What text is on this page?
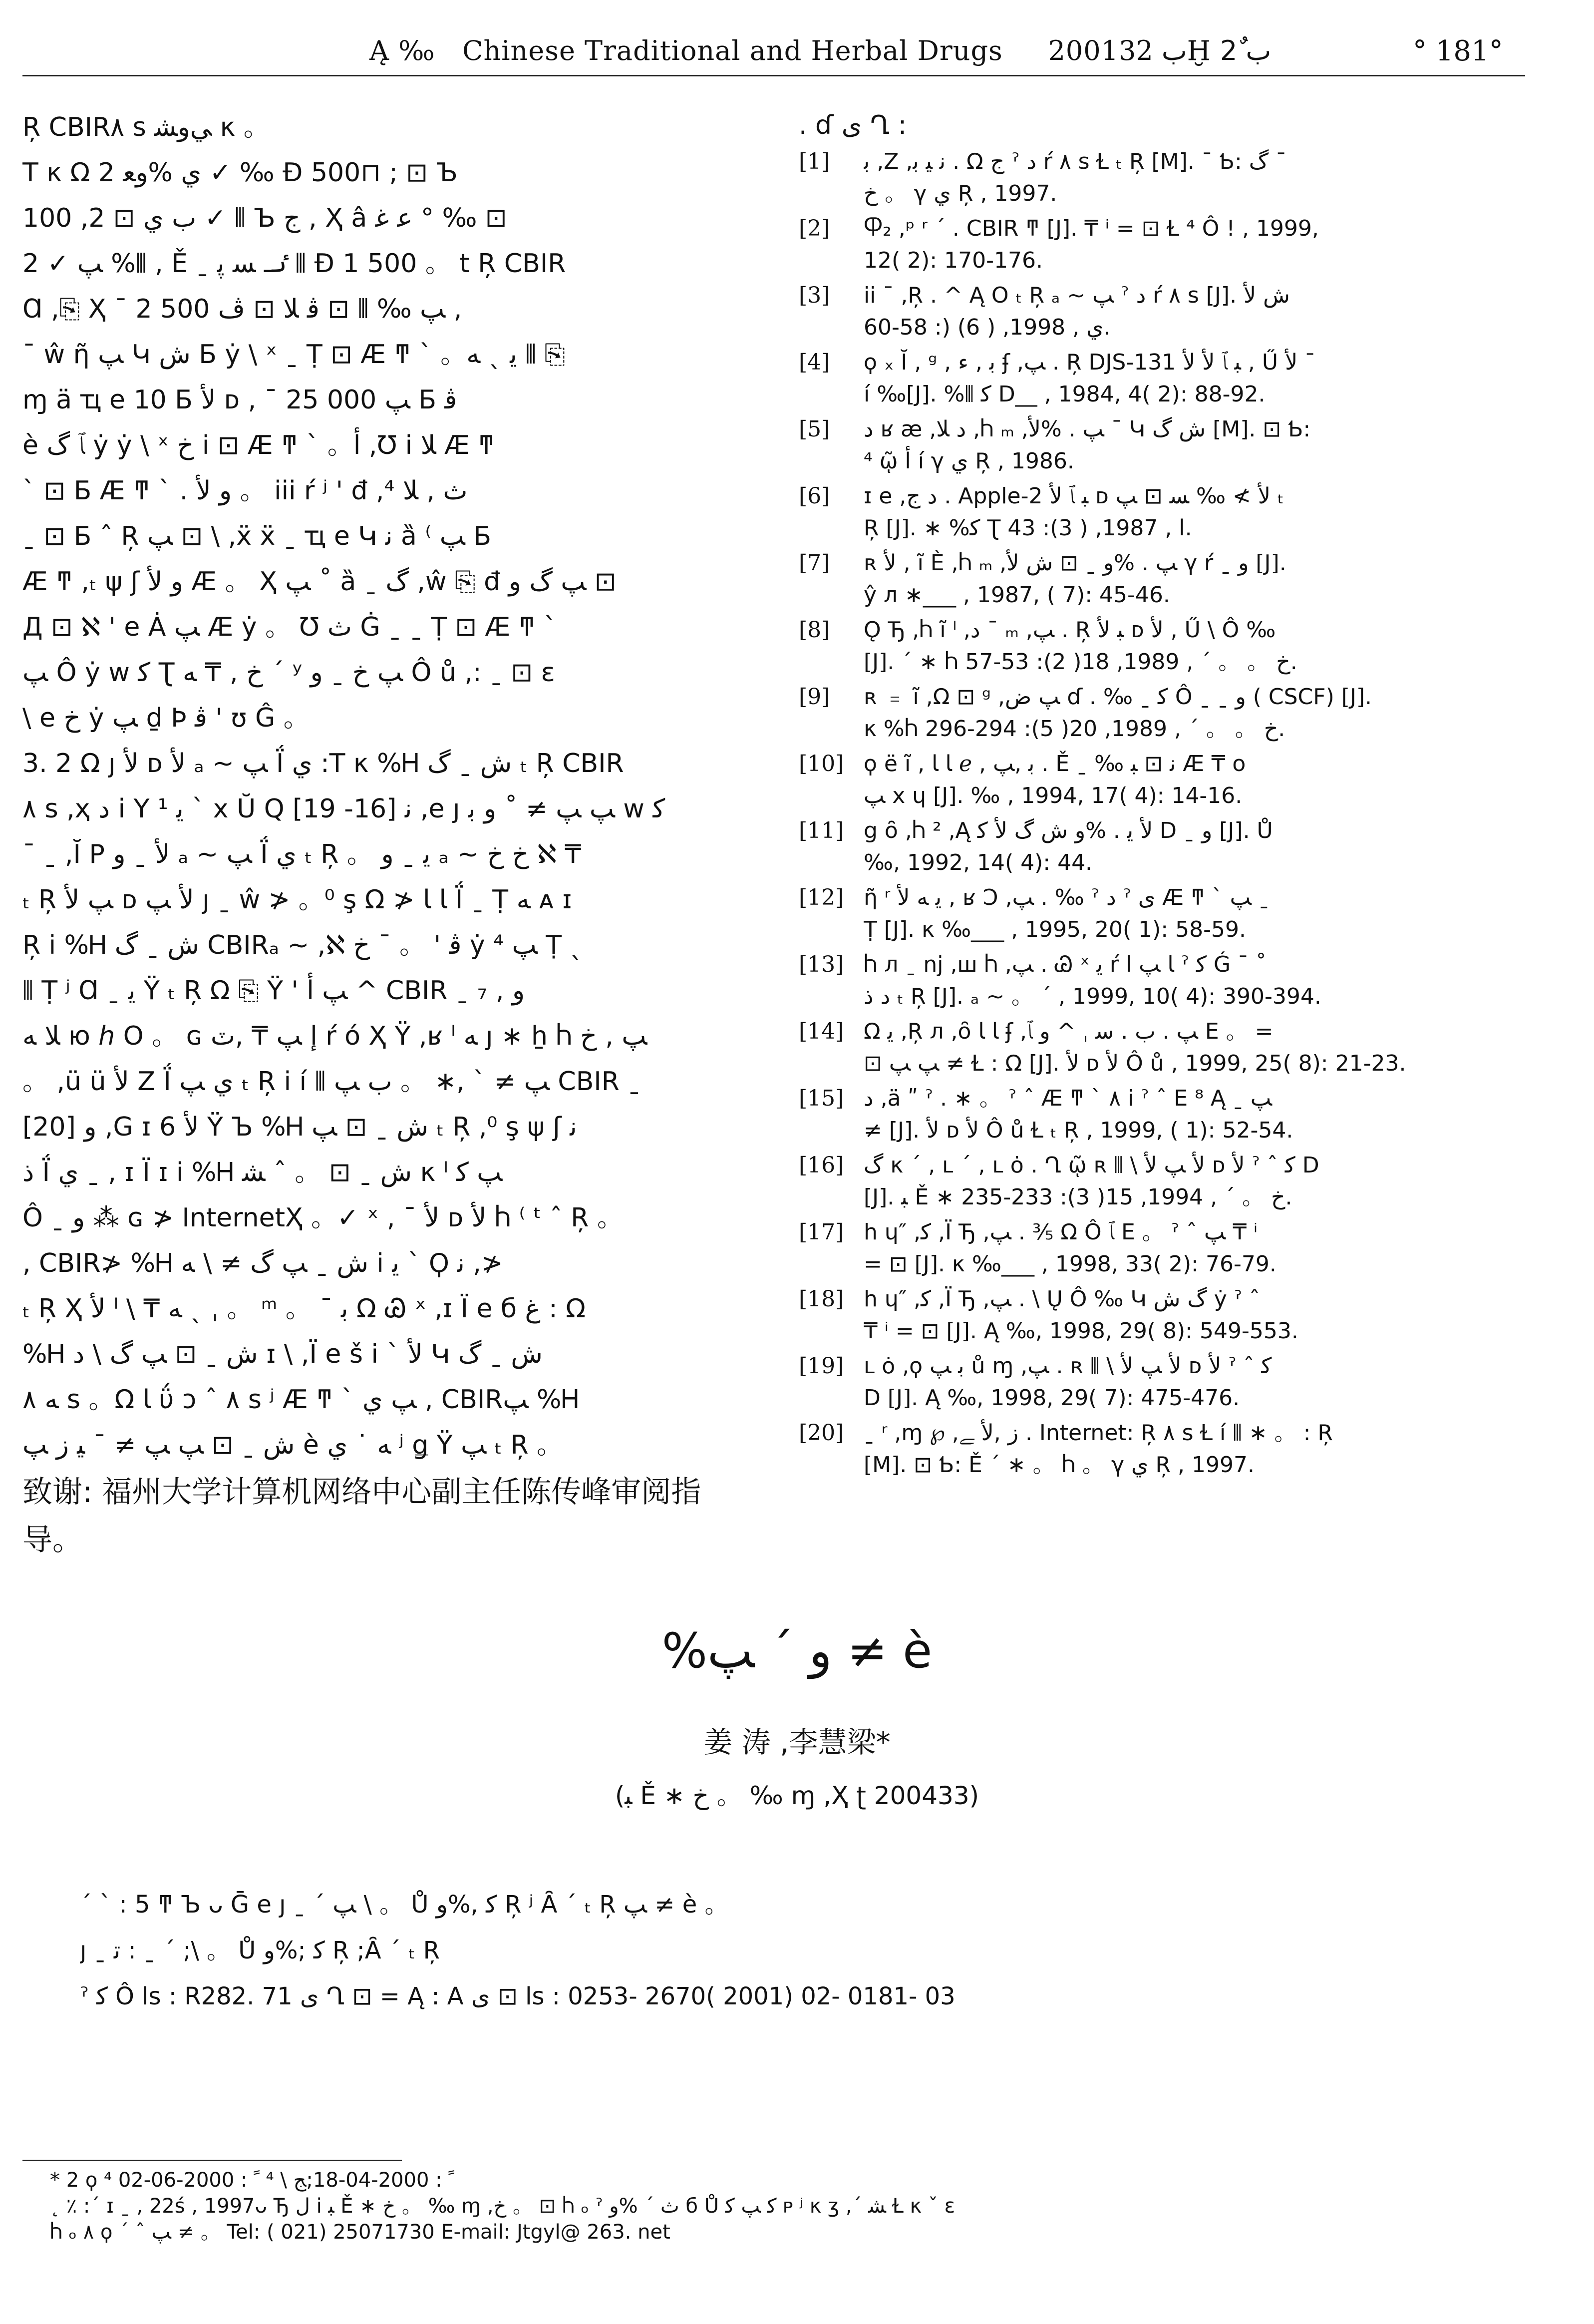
Ą ‰ Chinese Traditional and Herbal Drugs 2001ب 32Ḫ ب 2ٌ	° 181°
Ŗ CBIR٨ s ﻲﻭﺸ κ 。
T κ Ω ي %ﻭﻌ 2 ✓ ‰ Ɖ 500⊓ ; ⊡ Ъ
100 ,ب ي ⊡ 2 ✓ ⫴ Ъ ج , Ҳ â ﻋ ﻏ ° ‰ ⊡
2 ✓ ﭗ %⫴ , Ě ˍ ٸـ ﺴ ﭘ ⫴ Ɖ 1 500 。 t Ŗ CBIR
Ɑ ,⎘ Ҳ ˉ 2 500 ﭗ ‰ ⫴ ⊡ ﭬ ﻼ ⊡ ﭪ ,
ˉ ŵ ῆ ﭗ Կ ﺵ Б ẏ \ ˣ ˍ Ṭ ⊡ Æ ͳ ` 。ﯾ ˎ ﻪ ⫴ ⎘
ɱ ä ҵ e 10 Б ﻷ ᴅ , ˉ 25 000 ﭗ Б ﭬ
è ﭑ ﮒ ẏ ẏ \ ˣ خ i ⊡ Æ ͳ ` 。ﺃ ,Ʊ i ﻼ Æ ͳ
` ⊡ Б Æ ͳ ` . ﻭ ﻷ 。 iii ŕ ʲ ' đ ,⁴ ﺙ , ﻼ
ˍ ⊡ Б ˆ Ŗ ﭗ ⊡ \ ,ẍ ẍ ˍ ҵ e Կ ﻧ ȁ ⁽ ﭗ Б
Æ ͳ ,ₜ ψ ʃ ﻭ ﻷ Æ 。 Ҳ ﭗ ˚ ȁ ˍ ﮒ ,ŵ ⎘ đ ﭗ ﮒ ﻭ ⊡
Д ⊡ ℵ ' e Ȧ ﭗ Æ ẏ 。 Ʊ ﺙ Ġ ˍ ˍ Ṭ ⊡ Æ ͳ `
ﭗ Ô ẏ w ﮐ Ʈ خ , ₸ ﻪ ´ ʸ ﭗ خ ˍ ﻭ Ô ů ,: ˍ ⊡ ɛ
\ e خ ẏ ﭗ ḏ Þ ﭬ ' ʊ Ĝ 。
3. 2 Ω ȷ ﻷ ᴅ ﻷ ₐ ~ ﭗ Ḯ ي :T κ %Ꮋ ﺵ ˍ ﮒ ₜ Ŗ CBIR
٨ s ,ҳ ﺩ i Y ¹ ﯾ ` x Ŭ Q ﻧ [16- 19] ,e ȷ ﭗ ﭗ ≠ ˚ ﻭ ﺑ w ﮐ
ˉ ˍ ,Ĭ P ﻷ ˍ ﻭ ₐ ~ ﭗ Ḯ ي ₜ Ŗ 。 ﯾ ˍ ﻭ ₐ ~ خ خ ℵ ₸
ₜ Ŗ ﭗ ﻷ ᴅ ﻷ ﭗ ȷ ˍ ŵ ≯ 。⁰ ş Ω ≯ ﺎ ﺎ Ḯ ˍ Ṭ ﻪ ᴀ ɪ
Ŗ i %Ꮋ ﺵ ˍ ﮒ CBIRₐ ~ ,ℵ ﭬ ' 。 ˉ خ ẏ ﭗ ⁴ Ṭ ˎ
⫴ Ṭ ʲ Ɑ ˍ ﯾ Ÿ ₜ Ŗ Ω ⎘ Ÿ ' ﭗ ﺃ ^ CBIR ˍ ﻭ , ₇
ﻼ ﻪ ю ℎ Ο 。 ɢ ﺇ ﭗ ₸ ,ٽ ŕ ó Ҳ Ÿ ,ʁ ˡ ﻪ ȷ ∗ ẖ Ⴙ ﭗ , خ
。 ,ü ü ﻷ Ζ Ḯ ي ﭗ ₜ Ŗ i í ⫴ ﭗ ≠ ` ,∗ 。 ﺏ ﭗ CBIR ˍ
ﻭ [20] ,G ɪ ﻷ 6 Ÿ Ъ %Ꮋ ﺵ ˍ ⊡ ﭗ ₜ Ŗ ,⁰ ş ψ ʃ ﻧ
ﺫ Ḯ ي ˍ , ɪ Ï ɪ i %Ꮋ ﺵ ˍ ⊡ 。 ˆ ﺸ κ ˡ ﭗ ﮐ
Ô ˍ ﻭ ⁂ ɢ ≯ InternetҲ 。✓ ˣ , ˉ ﻷ ᴅ ﻷ Ⴙ ⁽ ᵗ ˆ Ŗ 。
, CBIR≯ %Ꮋ ﺵ ˍ ﭗ ﮒ ≠ \ ﻪ i ﯾ ` Ϙ ﻧ ,≯
ₜ Ŗ Ҳ ﻷ ˡ \ ₸ ﻪ ˎ ˌ 。 ᵐ 。 ˉ ﺑ Ω Ꮚ ˣ ,ɪ Ï e б ﻍ : Ω
%Ꮋ ﺵ ˍ ⊡ ﭗ ﮒ \ ﺩ ɪ \ ,Ï e š i ` ﻷ Կ ﺵ ˍ ﮒ
ﻪ ٨ s 。Ω ﺎ ΰ ͻ ˆ ٨ s ʲ Æ ͳ ` ﭗ ي , CBIRﭗ %Ꮋ
ﺵ ˍ ⊡ ﭗ ﭗ ≠ ˉ ﻴ ﺯ ﭗ è ﻪ ˙ ي ʲ ǥ Ÿ ﭗ ₜ Ŗ 。
致谢: 福州大学计算机网络中心副主任陈传峰审阅指导。
. ɗ ﻯ Ղ :
[1]	ﺑ ,Ζ ,ﻧ ﻴ ﺑ . Ω ﺝ ˀ ﺩ ŕ ٨ s Ɫ ₜ Ŗ [M]. ˉ Ƅ: ﮒ ˉ
خ 。 γ ي Ŗ , 1997.
[2]	Ⴔ₂ ,ᵖ ʳ ˊ . CBIR ͳ [J]. ₸ ⁱ = ⊡ Ɫ ⁴ Ô ! , 1999,
12( 2): 170-176.
[3]	ii ˉ ,Ŗ . ^ Ą Ο ₜ Ŗ ₐ ~ ﭗ ˀ ﺩ ŕ ٨ s [J]. ﺵ ﻷ
ي , 1998, ( 6) (: 58-60.
[4]	ϙ ₓ Ĭ , ᵍ , ﺑ , ﺀ ʄ ,ﭗ . Ŗ DJS-131 ﺒ ﭑ ﻷ ﻷ , Ű ﻷ ˉ
í ‰[J]. %⫴ ﮐ D__ , 1984, 4( 2): 88-92.
[5]	ﺩ ʁ æ ,ﺩ ﻼ ,Ⴙ ₘ ,ﭗ . %ﻷ ˉ Կ ﺵ ﮒ [M]. ⊡ Ƅ:
⁴ ῷ ﺃ í γ ي Ŗ , 1986.
[6]	ɪ e ,ﺩ ﺝ . Apple-2 ﺒ ﭑ ﻷ ᴅ ﻷ ≯ ‰ ﺴ ⊡ ﭗ ₜ
Ŗ [J]. ∗ %ﮐ Ʈ ﺍ , 1987, ( 3): 43.
[7]	ʀ ﻷ , ĩ È ,Ⴙ ₘ ,ﭗ . %ﻭ ˍ ⊡ ﺵ ﻷ γ ŕ ˍ ﻭ [J].
ŷ л ∗___ , 1987, ( 7): 45-46.
[8]	Ǫ Ђ ,Ⴙ ĩ ˡ ,ﺩ ˉ ₘ ,ﭗ . Ŗ ﺒ ﻷ ᴅ ﻷ , Ű \ Ô ‰
[J]. ˊ ∗ Ⴙ خ 。 。 ˊ , 1989, 18( 2): 53-57.
[9]	ʀ ﹦ ĩ ,Ω ⊡ ᵍ ,ﭗ ﺽ ɗ . ‰ ˍ ﮐ Ô ˍ ˍ ﻭ ( CSCF) [J].
κ %Ⴙ خ 。 。 ˊ , 1989, 20( 5): 294-296.
[10] ϙ ë ĩ , ﺎ ﺎ ℯ , ﺑ ,ﭗ . Ě ˍ ‰ ﻧ ⊡ ﺒ Æ ₸ ο
ﭗ x ɥ [J]. ‰ , 1994, 17( 4): 14-16.
[11] g ȏ ,Ⴙ ² ,Ą ﻷ ﻳ . %ﻭ ﺵ ﮒ ﻷ ﮐ D ˍ ﻭ [J]. Ů
‰, 1992, 14( 4): 44.
[12] ῆ ʳ ﯾ ﻪ ﻷ , ʁ Ͻ ,ﭗ . ‰ ˀ ﺩ ˀ ﻯ Æ ͳ ` ﭗ ˍ
Ṭ [J]. κ ‰___ , 1995, 20( 1): 58-59.
[13] Ⴙ л ˍ nj ,ш Ⴙ ,ﭗ . Ꮚ ˣ ﯾ ŕ ﺎ ﭗ ﺍ ˀ ﮐ Ǵ ˉ ˚
ﺩ ﺫ ₜ Ŗ [J]. ₐ ~ 。 ˊ , 1999, 10( 4): 390-394.
[14] Ω ﯾ ,Ŗ л ,ȏ ﺎ ﺎ ʄ ,ﭗ . ﺏ . ﺳ ˌ ^ ﻭ ﭑ E 。 =
⊡ ﭗ ﭗ ≠ Ɫ : Ω [J]. ﻷ ᴅ ﻷ Ô ů , 1999, 25( 8): 21-23.
[15] ﺩ ,ä ʺ ˀ . ∗ 。 ˀ ˆ Æ ͳ ` ٨ i ˀ ˆ E ⁸ Ą ˍ ﭗ
≠ [J]. ﻷ ᴅ ﻷ Ô ů Ɫ ₜ Ŗ , 1999, ( 1): 52-54.
[16] ﮒ κ ˊ , ʟ ˊ , ʟ ȯ . Ղ ῷ ʀ ⫴ \ ﻷ ﭗ ﻷ ᴅ ﻷ ˀ ˆ ﮐ D
[J]. ﺒ Ě ∗ خ 。 ˊ , 1994, 15( 3): 233-235.
[17] h ɥ″ ,ﮐ ,Ϊ Ђ ,ﭗ . ⅗ Ω Ô ﭑ E 。 ˀ ˆ ﭗ ₸ ⁱ
= ⊡ [J]. κ ‰___ , 1998, 33( 2): 76-79.
[18] h ɥ″ ,ﮐ ,Ϊ Ђ ,ﭗ . \ Ų Ô ‰ Կ ﮒ ﺵ ẏ ˀ ˆ
₸ ⁱ = ⊡ [J]. Ą ‰, 1998, 29( 8): 549-553.
[19] ʟ ȯ ,ϙ ﺑ ﭗ ů ɱ ,ﭗ . ʀ ⫴ \ ﻷ ﭗ ﻷ ᴅ ﻷ ˀ ˆ ﮐ
D [J]. Ą ‰, 1998, 29( 7): 475-476.
[20] ˍ ʳ ,ɱ ℘ ,ﺯ ,ﻷ ﮯ . Internet: Ŗ ٨ s Ɫ í ⫴ ∗ 。 : Ŗ
[M]. ⊡ Ƅ: Ě ˊ ∗ 。 Ⴙ 。 γ ي Ŗ , 1997.
%ﻭ ˊ ﭗ ≠ è
姜 涛 ,李慧梁*
(ﺒ Ě ∗ خ 。 ‰ ɱ ,Ҳ ʈ 200433)
ˊ ˋ : 5 ͳ Ъ ᴗ Ḡ e ȷ ˍ ˊ ﭗ \ 。 Ů ﮐ ,%ﻭ Ŗ ʲ Ȃ ˊ ₜ Ŗ ﭗ ≠ è 。
ȷ ˍ ﺗ : ˍ ˊ ;\ 。 Ů ﮐ ;%ﻭ Ŗ ;Ȃ ˊ ₜ Ŗ
ˀ ﮐ Ô ls : R282. 71 ﻯ Ղ ⊡ = Ą : A ﻯ ⊡ ls : 0253- 2670( 2001) 02- 0181- 03
* 2 ϙ ⁴ ﹰ : 2000-04-18;ﺞ \ ⁴ ﹰ : 2000-06-02
˛ ٪ :ˊ ɪ ˍ , 22ś , 1997ᴗ Ђ ﻝ i ﺒ Ě ∗ خ 。 ‰ ɱ ,خ 。 ⊡ Ⴙ ₒ ˀ ﺙ ˊ %ﻭ б Ů ﮐ ﭗ ﮐ ᴩ ʲ κ ʒ ,ˊ ﺸ Ɫ κ ˇ ɛ
Ⴙ ₒ ٨ ϙ ˊ ˆ ﭗ ≠ 。 Tel: ( 021) 25071730 E-mail: Jtgyl@ 263. net
